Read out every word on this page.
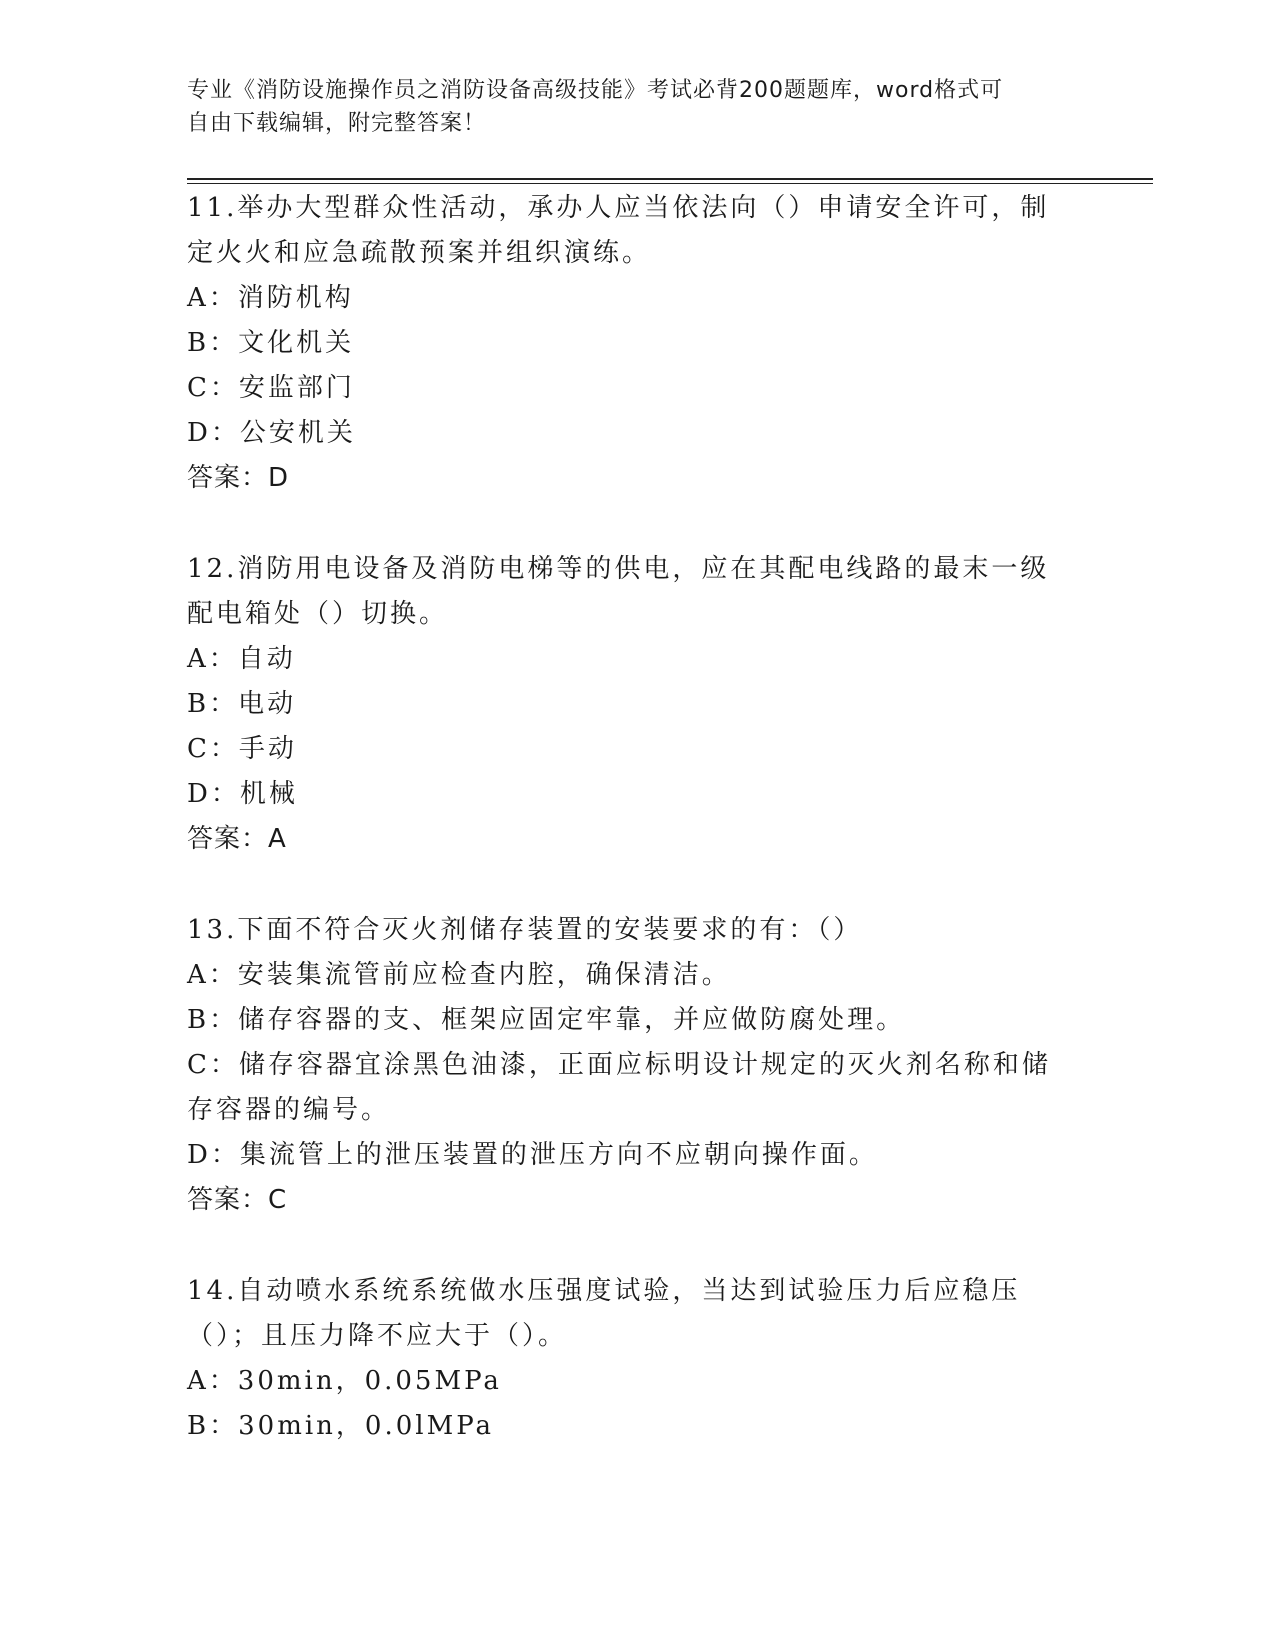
专业《消防设施操作员之消防设备高级技能》考试必背200题题库，word格式可
自由下载编辑，附完整答案！

11.举办大型群众性活动，承办人应当依法向（）申请安全许可，制定火火和应急疏散预案并组织演练。

A：消防机构

B：文化机关

C：安监部门

D：公安机关

答案：D

12.消防用电设备及消防电梯等的供电，应在其配电线路的最末一级配电箱处（）切换。

A：自动

B：电动

C：手动

D：机械

答案：A

13.下面不符合灭火剂储存装置的安装要求的有：（）

A：安装集流管前应检查内腔，确保清洁。

B：储存容器的支、框架应固定牢靠，并应做防腐处理。

C：储存容器宜涂黑色油漆，正面应标明设计规定的灭火剂名称和储存容器的编号。

D：集流管上的泄压装置的泄压方向不应朝向操作面。

答案：C

14.自动喷水系统系统做水压强度试验，当达到试验压力后应稳压（）；且压力降不应大于（）。

A：30min，0.05MPa

B：30min，0.0lMPa
